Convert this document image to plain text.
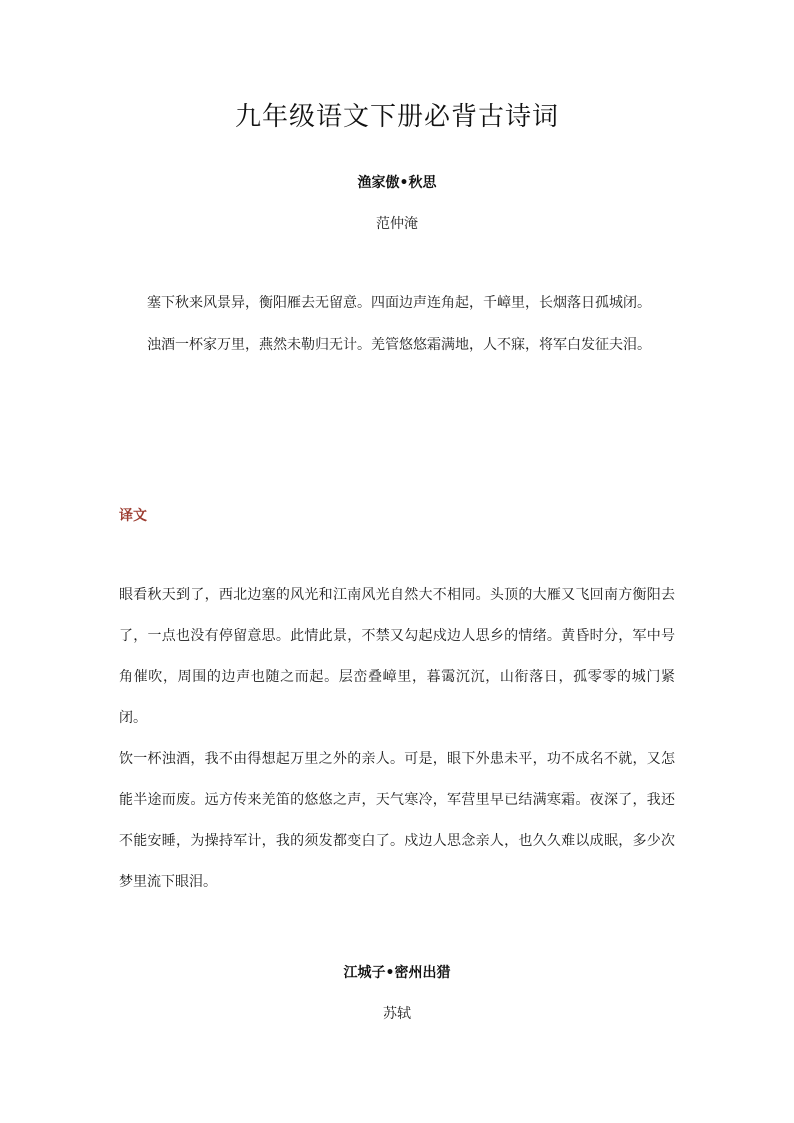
九年级语文下册必背古诗词
渔家傲•秋思
范仲淹

塞下秋来风景异，衡阳雁去无留意。四面边声连角起，千嶂里，长烟落日孤城闭。

浊酒一杯家万里，燕然未勒归无计。羌管悠悠霜满地，人不寐，将军白发征夫泪。

译文

眼看秋天到了，西北边塞的风光和江南风光自然大不相同。头顶的大雁又飞回南方衡阳去了，一点也没有停留意思。此情此景，不禁又勾起戍边人思乡的情绪。黄昏时分，军中号角催吹，周围的边声也随之而起。层峦叠嶂里，暮霭沉沉，山衔落日，孤零零的城门紧闭。

饮一杯浊酒，我不由得想起万里之外的亲人。可是，眼下外患未平，功不成名不就，又怎能半途而废。远方传来羌笛的悠悠之声，天气寒冷，军营里早已结满寒霜。夜深了，我还不能安睡，为操持军计，我的须发都变白了。戍边人思念亲人，也久久难以成眠，多少次梦里流下眼泪。

江城子•密州出猎
苏轼
